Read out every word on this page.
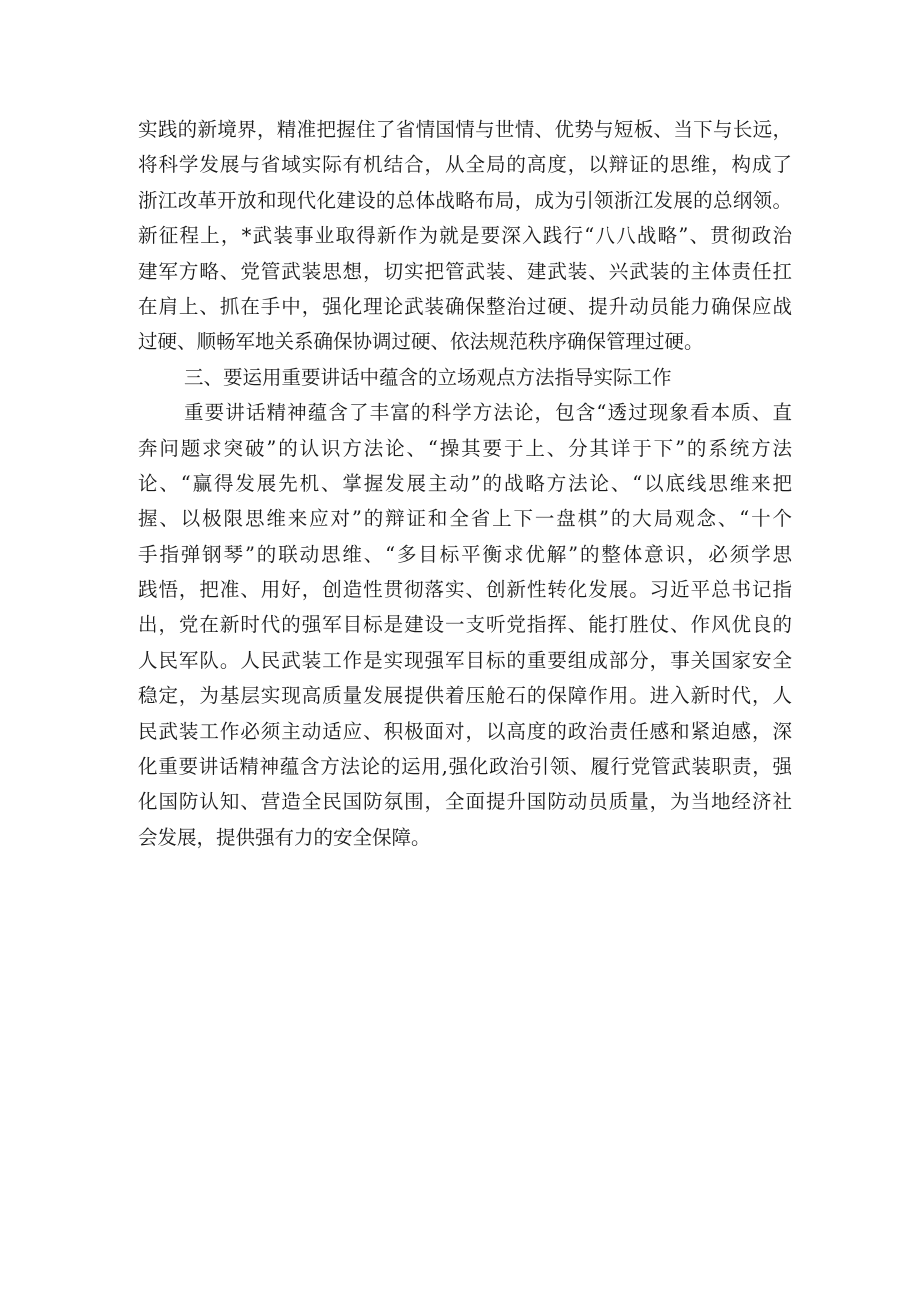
实践的新境界，精准把握住了省情国情与世情、优势与短板、当下与长远，
将科学发展与省域实际有机结合，从全局的高度，以辩证的思维，构成了
浙江改革开放和现代化建设的总体战略布局，成为引领浙江发展的总纲领。
新征程上，*武装事业取得新作为就是要深入践行“八八战略”、贯彻政治
建军方略、党管武装思想，切实把管武装、建武装、兴武装的主体责任扛
在肩上、抓在手中，强化理论武装确保整治过硬、提升动员能力确保应战
过硬、顺畅军地关系确保协调过硬、依法规范秩序确保管理过硬。
三、要运用重要讲话中蕴含的立场观点方法指导实际工作
重要讲话精神蕴含了丰富的科学方法论，包含“透过现象看本质、直
奔问题求突破”的认识方法论、“操其要于上、分其详于下”的系统方法
论、“赢得发展先机、掌握发展主动”的战略方法论、“以底线思维来把
握、以极限思维来应对”的辩证和全省上下一盘棋”的大局观念、“十个
手指弹钢琴”的联动思维、“多目标平衡求优解”的整体意识，必须学思
践悟，把准、用好，创造性贯彻落实、创新性转化发展。习近平总书记指
出，党在新时代的强军目标是建设一支听党指挥、能打胜仗、作风优良的
人民军队。人民武装工作是实现强军目标的重要组成部分，事关国家安全
稳定，为基层实现高质量发展提供着压舱石的保障作用。进入新时代，人
民武装工作必须主动适应、积极面对，以高度的政治责任感和紧迫感，深
化重要讲话精神蕴含方法论的运用,强化政治引领、履行党管武装职责，强
化国防认知、营造全民国防氛围，全面提升国防动员质量，为当地经济社
会发展，提供强有力的安全保障。
